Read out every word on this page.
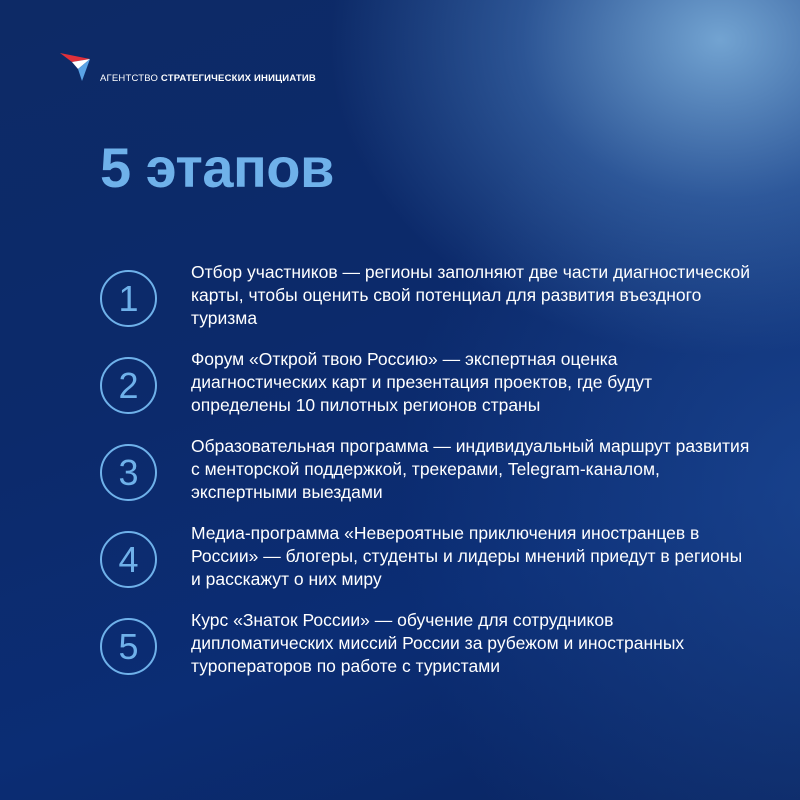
АГЕНТСТВО СТРАТЕГИЧЕСКИХ ИНИЦИАТИВ
5 этапов
1

Отбор участников — регионы заполняют две части диагностической карты, чтобы оценить свой потенциал для развития въездного туризма

2

Форум «Открой твою Россию» — экспертная оценка диагностических карт и презентация проектов, где будут определены 10 пилотных регионов страны

3

Образовательная программа — индивидуальный маршрут развития с менторской поддержкой, трекерами, Telegram-каналом, экспертными выездами

4

Медиа-программа «Невероятные приключения иностранцев в России» — блогеры, студенты и лидеры мнений приедут в регионы и расскажут о них миру

5

Курс «Знаток России» — обучение для сотрудников дипломатических миссий России за рубежом и иностранных туроператоров по работе с туристами
